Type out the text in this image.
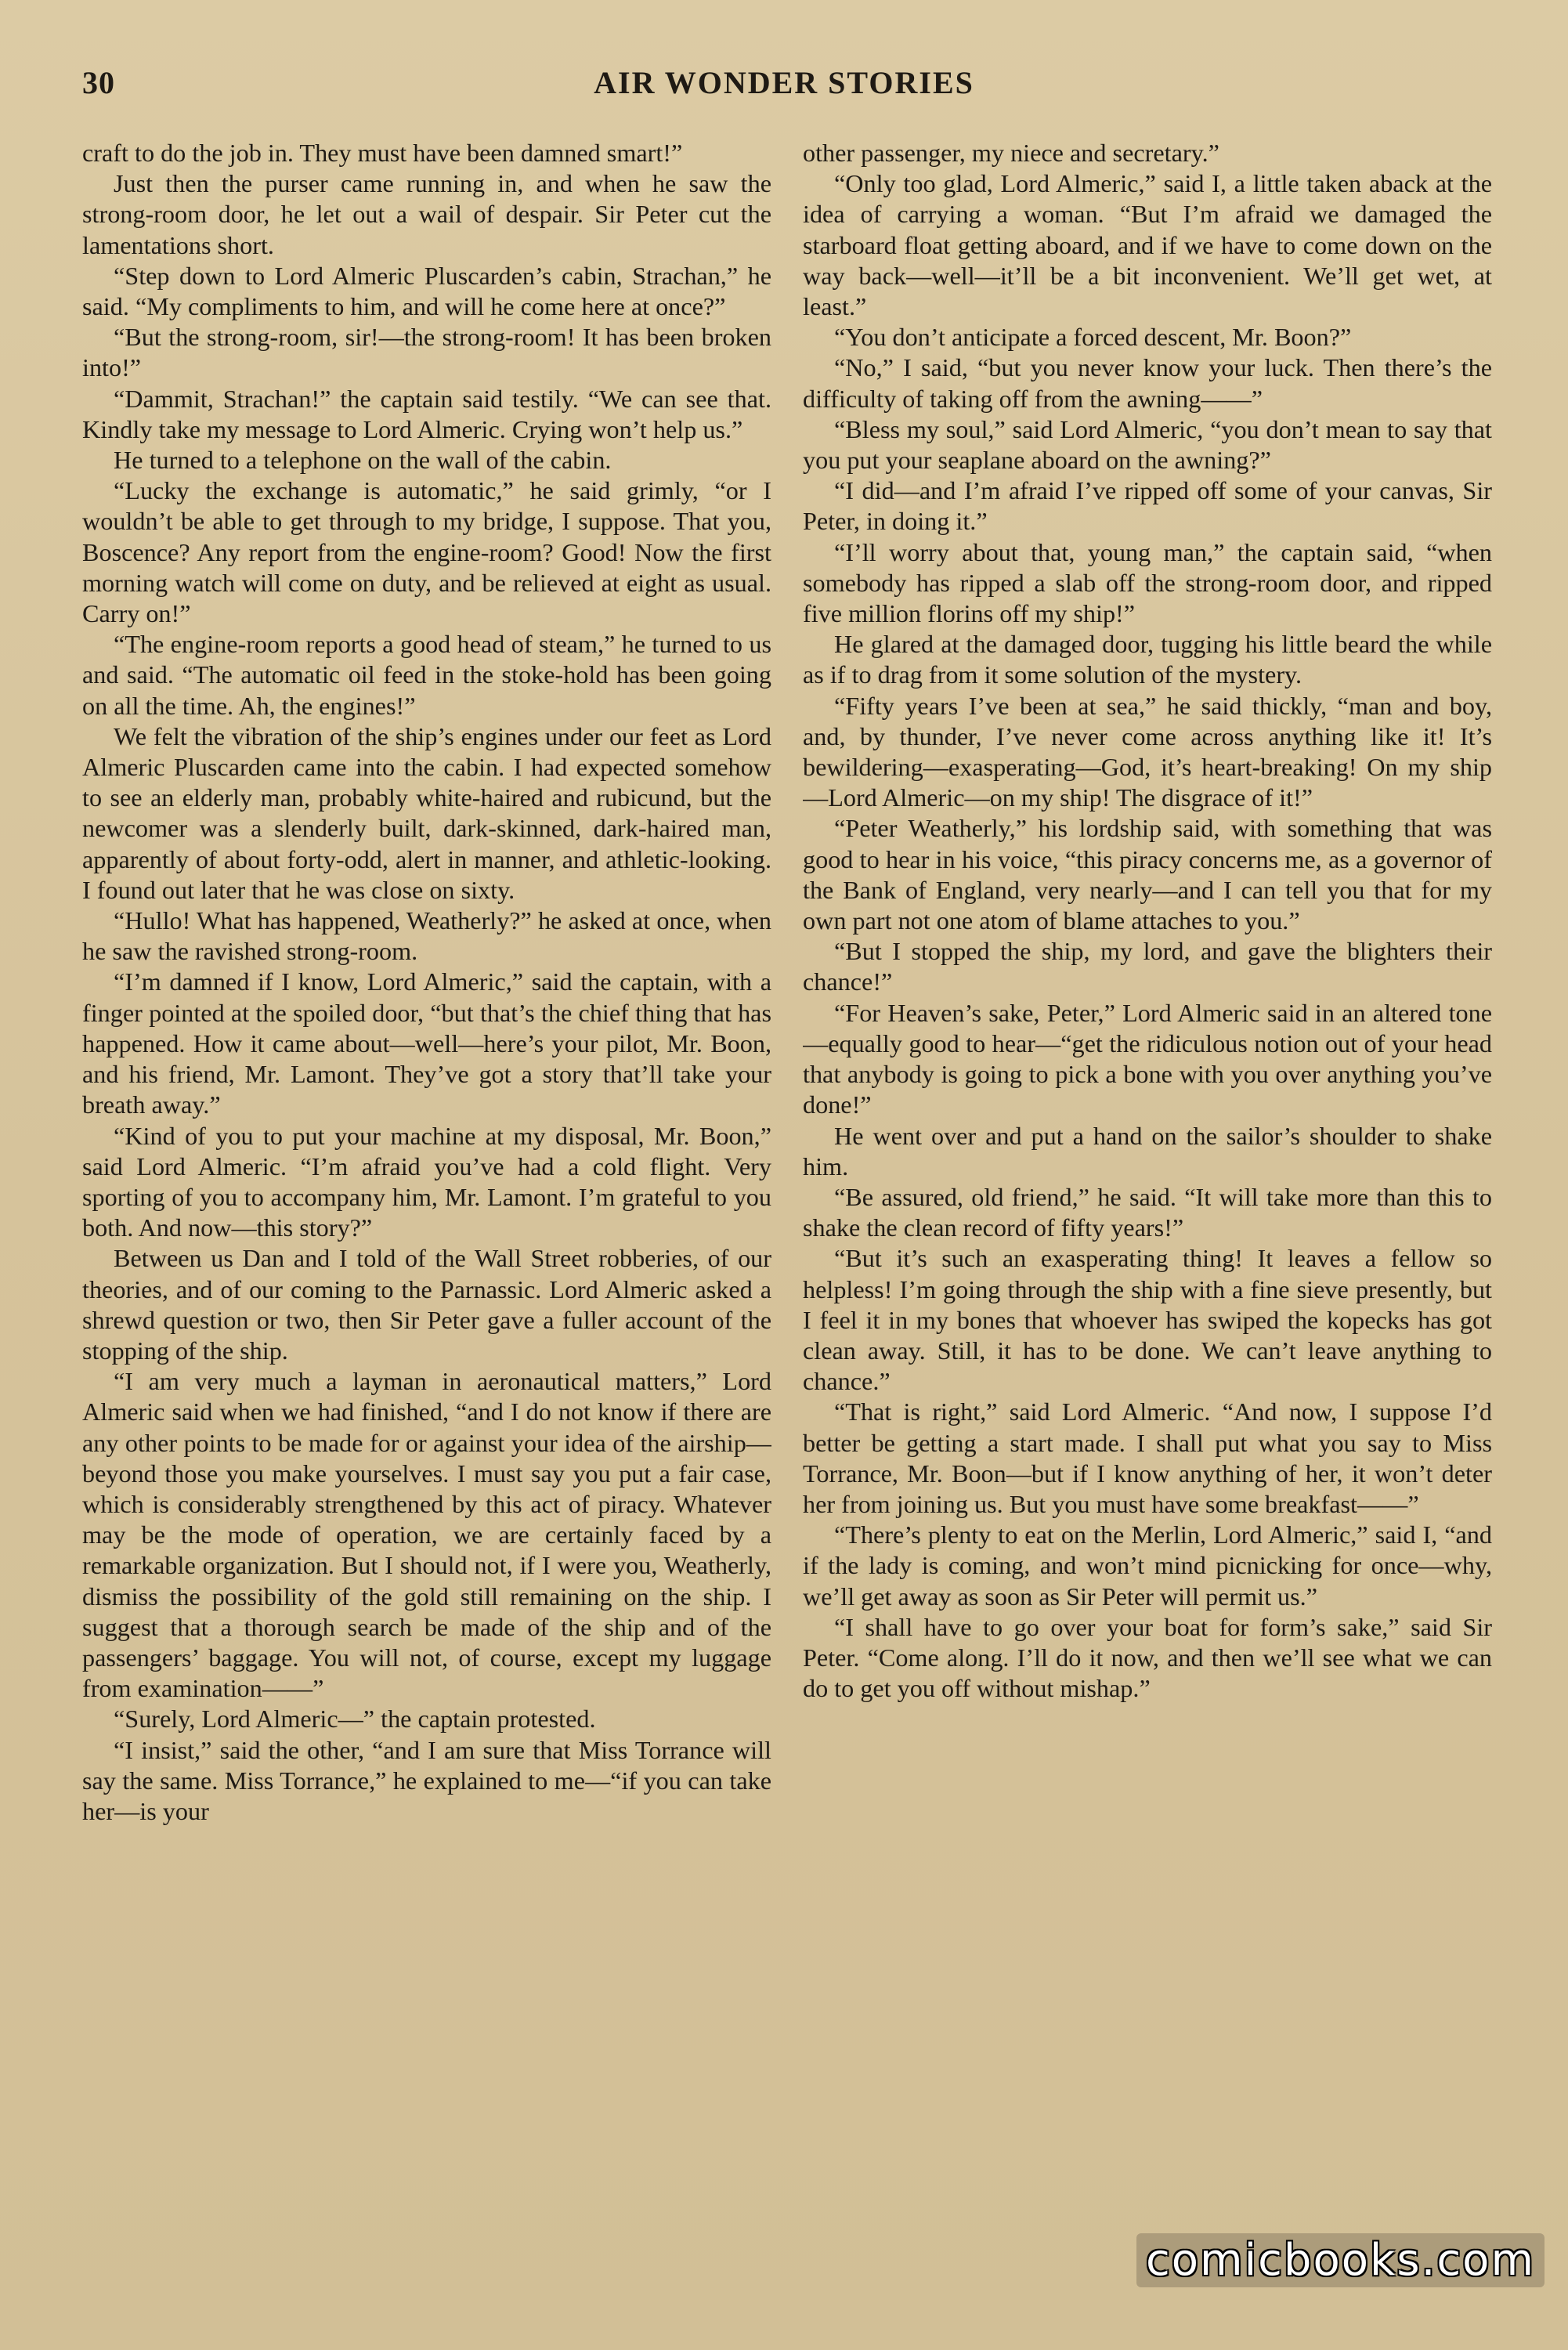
30	AIR WONDER STORIES

craft to do the job in. They must have been damned smart!”

Just then the purser came running in, and when he saw the strong-room door, he let out a wail of despair. Sir Peter cut the lamentations short.

“Step down to Lord Almeric Pluscarden’s cabin, Strachan,” he said. “My compliments to him, and will he come here at once?”

“But the strong-room, sir!—the strong-room! It has been broken into!”

“Dammit, Strachan!” the captain said testily. “We can see that. Kindly take my message to Lord Almeric. Crying won’t help us.”

He turned to a telephone on the wall of the cabin.

“Lucky the exchange is automatic,” he said grimly, “or I wouldn’t be able to get through to my bridge, I suppose. That you, Boscence? Any report from the engine-room? Good! Now the first morning watch will come on duty, and be relieved at eight as usual. Carry on!”

“The engine-room reports a good head of steam,” he turned to us and said. “The automatic oil feed in the stoke-hold has been going on all the time. Ah, the engines!”

We felt the vibration of the ship’s engines under our feet as Lord Almeric Pluscarden came into the cabin. I had expected somehow to see an elderly man, probably white-haired and rubicund, but the newcomer was a slenderly built, dark-skinned, dark-haired man, apparently of about forty-odd, alert in manner, and athletic-looking. I found out later that he was close on sixty.

“Hullo! What has happened, Weatherly?” he asked at once, when he saw the ravished strong-room.

“I’m damned if I know, Lord Almeric,” said the captain, with a finger pointed at the spoiled door, “but that’s the chief thing that has happened. How it came about—well—here’s your pilot, Mr. Boon, and his friend, Mr. Lamont. They’ve got a story that’ll take your breath away.”

“Kind of you to put your machine at my disposal, Mr. Boon,” said Lord Almeric. “I’m afraid you’ve had a cold flight. Very sporting of you to accompany him, Mr. Lamont. I’m grateful to you both. And now—this story?”

Between us Dan and I told of the Wall Street robberies, of our theories, and of our coming to the Parnassic. Lord Almeric asked a shrewd question or two, then Sir Peter gave a fuller account of the stopping of the ship.

“I am very much a layman in aeronautical matters,” Lord Almeric said when we had finished, “and I do not know if there are any other points to be made for or against your idea of the airship—beyond those you make yourselves. I must say you put a fair case, which is considerably strengthened by this act of piracy. Whatever may be the mode of operation, we are certainly faced by a remarkable organization. But I should not, if I were you, Weatherly, dismiss the possibility of the gold still remaining on the ship. I suggest that a thorough search be made of the ship and of the passengers’ baggage. You will not, of course, except my luggage from examination——”

“Surely, Lord Almeric—” the captain protested.

“I insist,” said the other, “and I am sure that Miss Torrance will say the same. Miss Torrance,” he explained to me—“if you can take her—is your

other passenger, my niece and secretary.”

“Only too glad, Lord Almeric,” said I, a little taken aback at the idea of carrying a woman. “But I’m afraid we damaged the starboard float getting aboard, and if we have to come down on the way back—well—it’ll be a bit inconvenient. We’ll get wet, at least.”

“You don’t anticipate a forced descent, Mr. Boon?”

“No,” I said, “but you never know your luck. Then there’s the difficulty of taking off from the awning——”

“Bless my soul,” said Lord Almeric, “you don’t mean to say that you put your seaplane aboard on the awning?”

“I did—and I’m afraid I’ve ripped off some of your canvas, Sir Peter, in doing it.”

“I’ll worry about that, young man,” the captain said, “when somebody has ripped a slab off the strong-room door, and ripped five million florins off my ship!”

He glared at the damaged door, tugging his little beard the while as if to drag from it some solution of the mystery.

“Fifty years I’ve been at sea,” he said thickly, “man and boy, and, by thunder, I’ve never come across anything like it! It’s bewildering—exasperating—God, it’s heart-breaking! On my ship—Lord Almeric—on my ship! The disgrace of it!”

“Peter Weatherly,” his lordship said, with something that was good to hear in his voice, “this piracy concerns me, as a governor of the Bank of England, very nearly—and I can tell you that for my own part not one atom of blame attaches to you.”

“But I stopped the ship, my lord, and gave the blighters their chance!”

“For Heaven’s sake, Peter,” Lord Almeric said in an altered tone—equally good to hear—“get the ridiculous notion out of your head that anybody is going to pick a bone with you over anything you’ve done!”

He went over and put a hand on the sailor’s shoulder to shake him.

“Be assured, old friend,” he said. “It will take more than this to shake the clean record of fifty years!”

“But it’s such an exasperating thing! It leaves a fellow so helpless! I’m going through the ship with a fine sieve presently, but I feel it in my bones that whoever has swiped the kopecks has got clean away. Still, it has to be done. We can’t leave anything to chance.”

“That is right,” said Lord Almeric. “And now, I suppose I’d better be getting a start made. I shall put what you say to Miss Torrance, Mr. Boon—but if I know anything of her, it won’t deter her from joining us. But you must have some breakfast——”

“There’s plenty to eat on the Merlin, Lord Almeric,” said I, “and if the lady is coming, and won’t mind picnicking for once—why, we’ll get away as soon as Sir Peter will permit us.”

“I shall have to go over your boat for form’s sake,” said Sir Peter. “Come along. I’ll do it now, and then we’ll see what we can do to get you off without mishap.”

comicbooks.com
